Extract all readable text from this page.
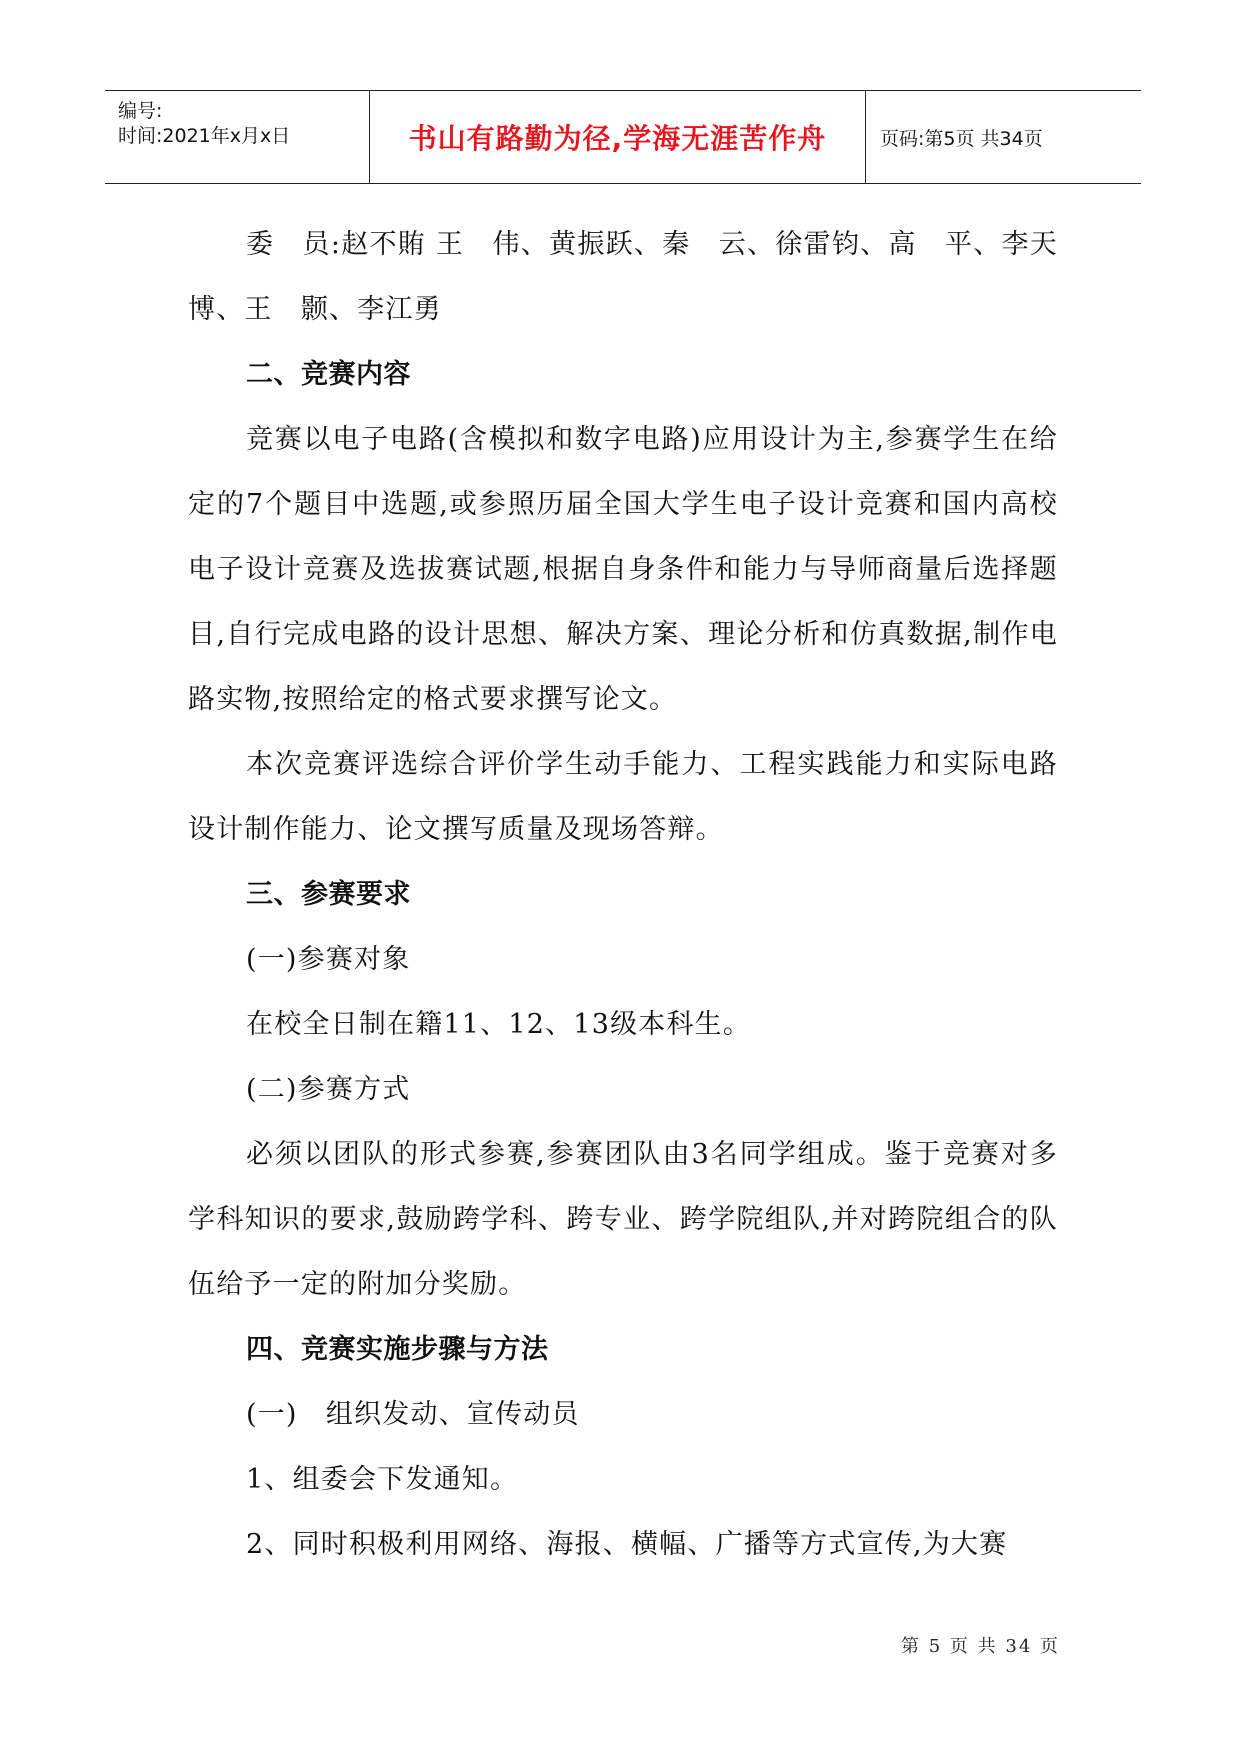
编号:
时间:2021年x月x日	书山有路勤为径,学海无涯苦作舟	页码:第5页 共34页

委　员:赵不賄 王　伟、黄振跃、秦　云、徐雷钧、高　平、李天博、王　颢、李江勇

二、竞赛内容

竞赛以电子电路(含模拟和数字电路)应用设计为主,参赛学生在给定的7个题目中选题,或参照历届全国大学生电子设计竞赛和国内高校电子设计竞赛及选拔赛试题,根据自身条件和能力与导师商量后选择题目,自行完成电路的设计思想、解决方案、理论分析和仿真数据,制作电路实物,按照给定的格式要求撰写论文。

本次竞赛评选综合评价学生动手能力、工程实践能力和实际电路设计制作能力、论文撰写质量及现场答辩。

三、参赛要求

(一)参赛对象

在校全日制在籍11、12、13级本科生。

(二)参赛方式

必须以团队的形式参赛,参赛团队由3名同学组成。鉴于竞赛对多学科知识的要求,鼓励跨学科、跨专业、跨学院组队,并对跨院组合的队伍给予一定的附加分奖励。

四、竞赛实施步骤与方法

(一)　组织发动、宣传动员

1、组委会下发通知。

2、同时积极利用网络、海报、横幅、广播等方式宣传,为大赛

第 5 页 共 34 页
